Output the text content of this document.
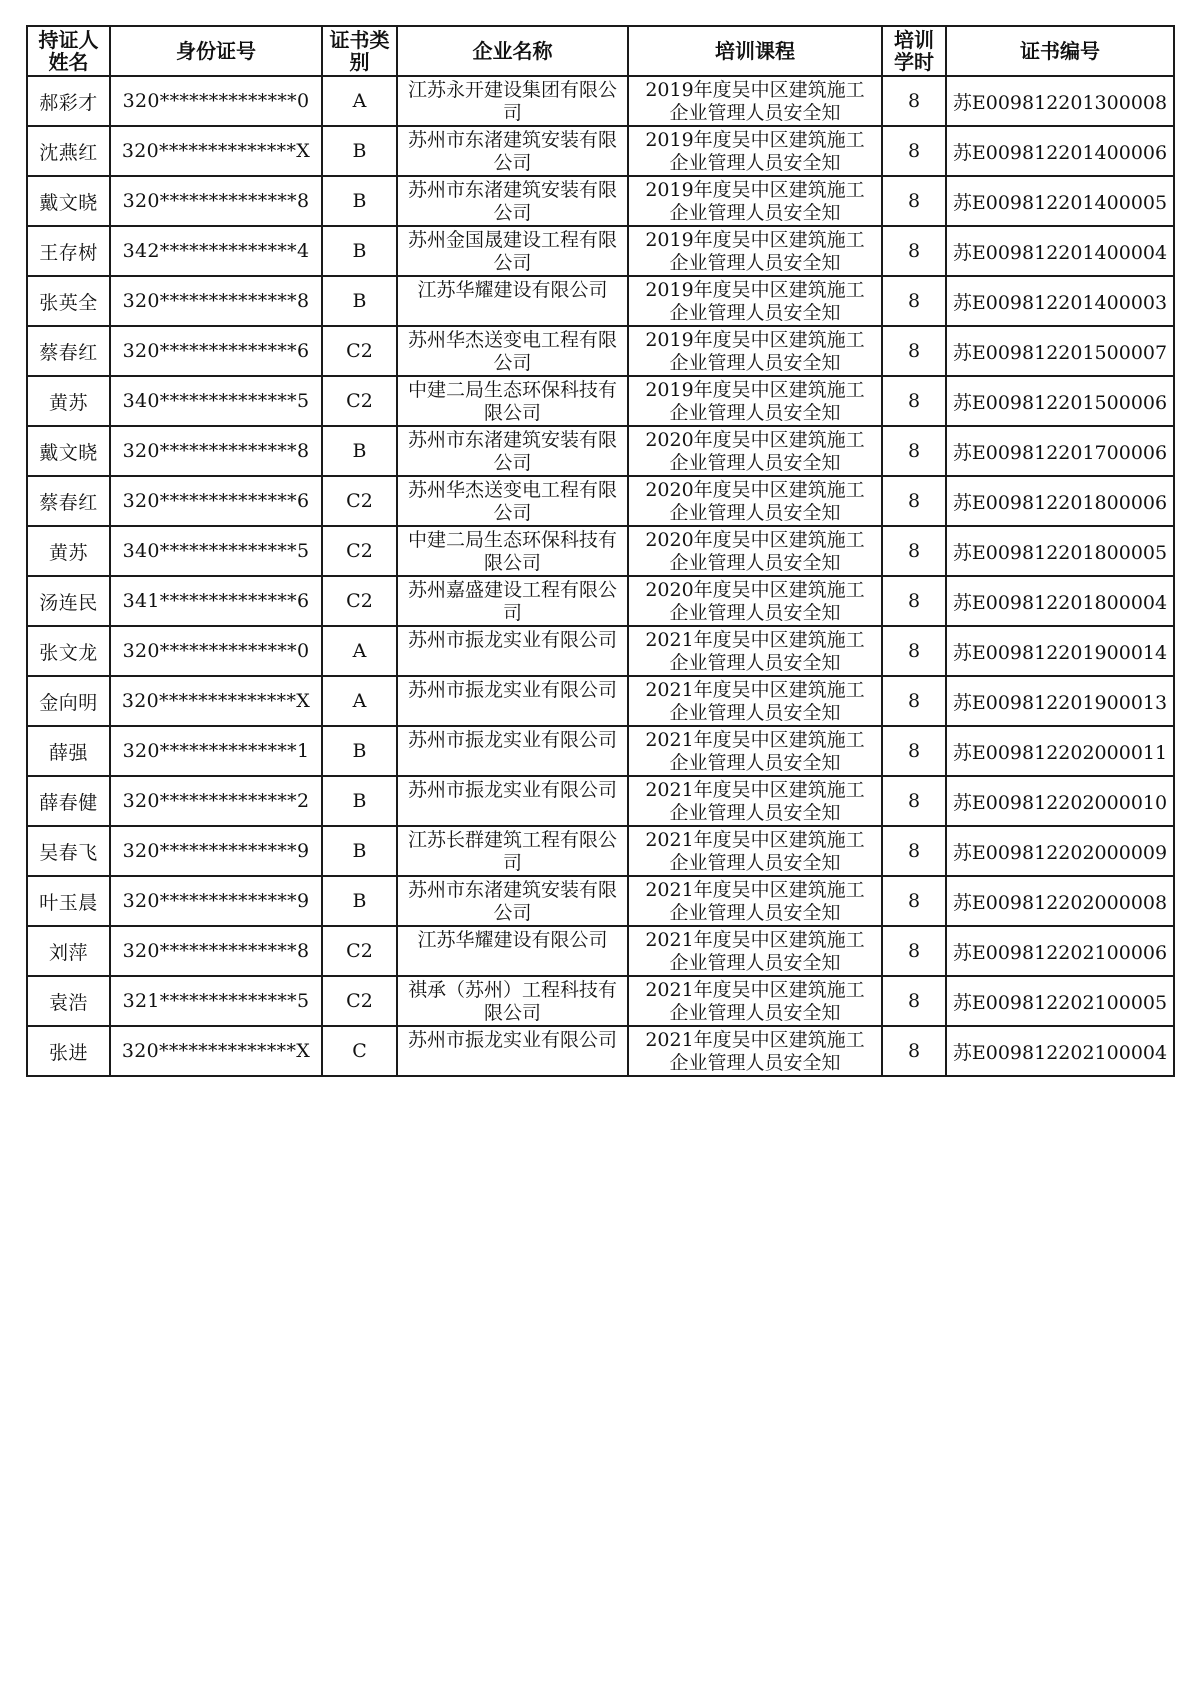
持证人姓名	身份证号	证书类别	企业名称	培训课程	培训学时	证书编号
郝彩才	320**************0	A	江苏永开建设集团有限公司	2019年度吴中区建筑施工企业管理人员安全知	8	苏E009812201300008
沈燕红	320**************X	B	苏州市东渚建筑安装有限公司	2019年度吴中区建筑施工企业管理人员安全知	8	苏E009812201400006
戴文晓	320**************8	B	苏州市东渚建筑安装有限公司	2019年度吴中区建筑施工企业管理人员安全知	8	苏E009812201400005
王存树	342**************4	B	苏州金国晟建设工程有限公司	2019年度吴中区建筑施工企业管理人员安全知	8	苏E009812201400004
张英全	320**************8	B	江苏华耀建设有限公司	2019年度吴中区建筑施工企业管理人员安全知	8	苏E009812201400003
蔡春红	320**************6	C2	苏州华杰送变电工程有限公司	2019年度吴中区建筑施工企业管理人员安全知	8	苏E009812201500007
黄苏	340**************5	C2	中建二局生态环保科技有限公司	2019年度吴中区建筑施工企业管理人员安全知	8	苏E009812201500006
戴文晓	320**************8	B	苏州市东渚建筑安装有限公司	2020年度吴中区建筑施工企业管理人员安全知	8	苏E009812201700006
蔡春红	320**************6	C2	苏州华杰送变电工程有限公司	2020年度吴中区建筑施工企业管理人员安全知	8	苏E009812201800006
黄苏	340**************5	C2	中建二局生态环保科技有限公司	2020年度吴中区建筑施工企业管理人员安全知	8	苏E009812201800005
汤连民	341**************6	C2	苏州嘉盛建设工程有限公司	2020年度吴中区建筑施工企业管理人员安全知	8	苏E009812201800004
张文龙	320**************0	A	苏州市振龙实业有限公司	2021年度吴中区建筑施工企业管理人员安全知	8	苏E009812201900014
金向明	320**************X	A	苏州市振龙实业有限公司	2021年度吴中区建筑施工企业管理人员安全知	8	苏E009812201900013
薛强	320**************1	B	苏州市振龙实业有限公司	2021年度吴中区建筑施工企业管理人员安全知	8	苏E009812202000011
薛春健	320**************2	B	苏州市振龙实业有限公司	2021年度吴中区建筑施工企业管理人员安全知	8	苏E009812202000010
吴春飞	320**************9	B	江苏长群建筑工程有限公司	2021年度吴中区建筑施工企业管理人员安全知	8	苏E009812202000009
叶玉晨	320**************9	B	苏州市东渚建筑安装有限公司	2021年度吴中区建筑施工企业管理人员安全知	8	苏E009812202000008
刘萍	320**************8	C2	江苏华耀建设有限公司	2021年度吴中区建筑施工企业管理人员安全知	8	苏E009812202100006
袁浩	321**************5	C2	祺承（苏州）工程科技有限公司	2021年度吴中区建筑施工企业管理人员安全知	8	苏E009812202100005
张进	320**************X	C	苏州市振龙实业有限公司	2021年度吴中区建筑施工企业管理人员安全知	8	苏E009812202100004
